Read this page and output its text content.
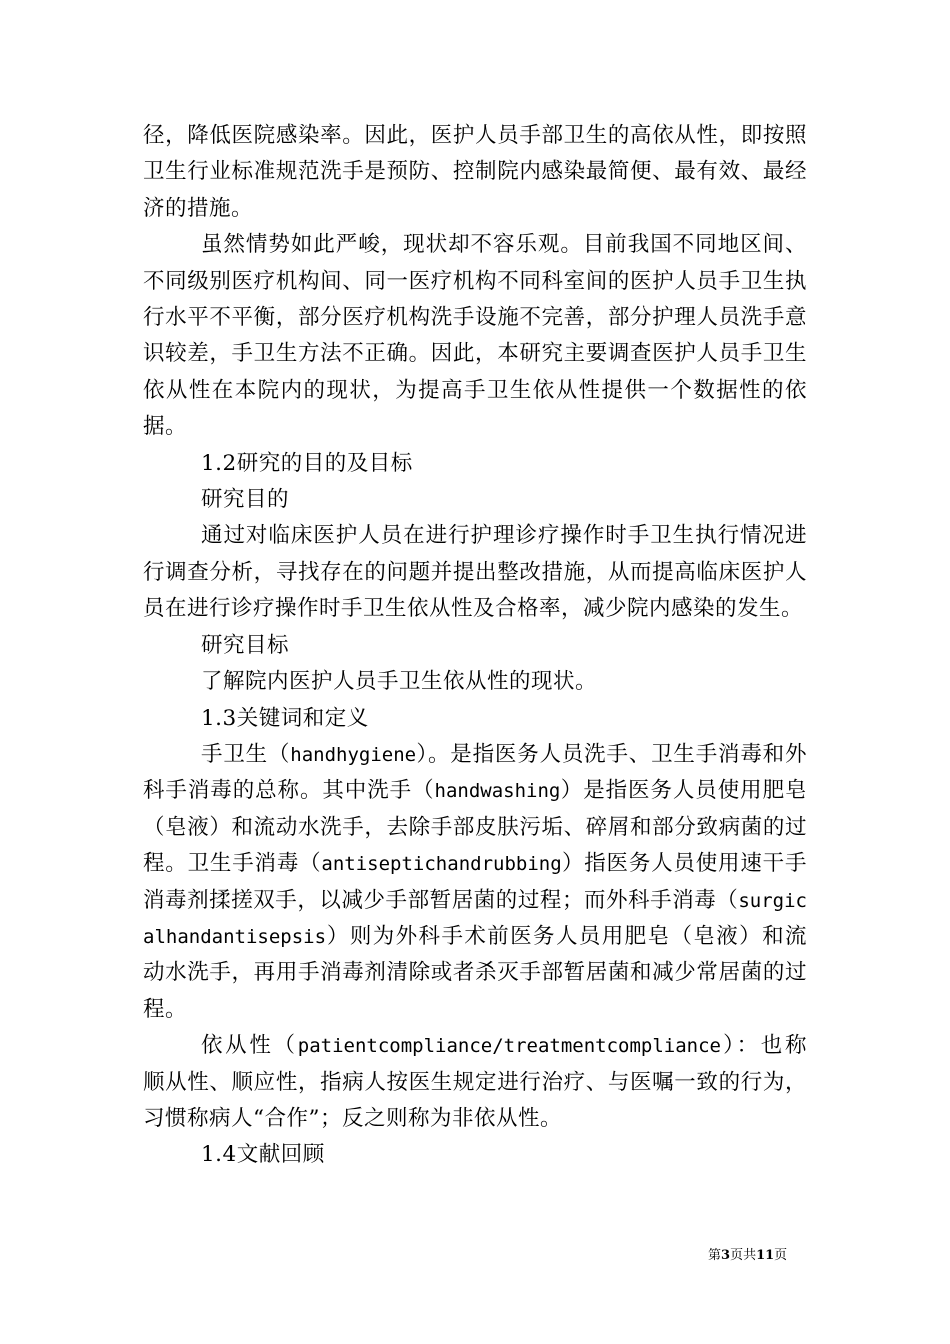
径，降低医院感染率。因此，医护人员手部卫生的高依从性，即按照卫生行业标准规范洗手是预防、控制院内感染最简便、最有效、最经济的措施。

虽然情势如此严峻，现状却不容乐观。目前我国不同地区间、不同级别医疗机构间、同一医疗机构不同科室间的医护人员手卫生执行水平不平衡，部分医疗机构洗手设施不完善，部分护理人员洗手意识较差，手卫生方法不正确。因此，本研究主要调查医护人员手卫生依从性在本院内的现状，为提高手卫生依从性提供一个数据性的依据。

1.2研究的目的及目标

研究目的

通过对临床医护人员在进行护理诊疗操作时手卫生执行情况进行调查分析，寻找存在的问题并提出整改措施，从而提高临床医护人员在进行诊疗操作时手卫生依从性及合格率，减少院内感染的发生。

研究目标

了解院内医护人员手卫生依从性的现状。

1.3关键词和定义

手卫生（handhygiene）。是指医务人员洗手、卫生手消毒和外科手消毒的总称。其中洗手（handwashing）是指医务人员使用肥皂（皂液）和流动水洗手，去除手部皮肤污垢、碎屑和部分致病菌的过程。卫生手消毒（antiseptichandrubbing）指医务人员使用速干手消毒剂揉搓双手，以减少手部暂居菌的过程；而外科手消毒（surgicalhandantisepsis）则为外科手术前医务人员用肥皂（皂液）和流动水洗手，再用手消毒剂清除或者杀灭手部暂居菌和减少常居菌的过程。

依从性（patientcompliance/treatmentcompliance）：也称顺从性、顺应性，指病人按医生规定进行治疗、与医嘱一致的行为，习惯称病人“合作”；反之则称为非依从性。

1.4文献回顾

第3页共11页
